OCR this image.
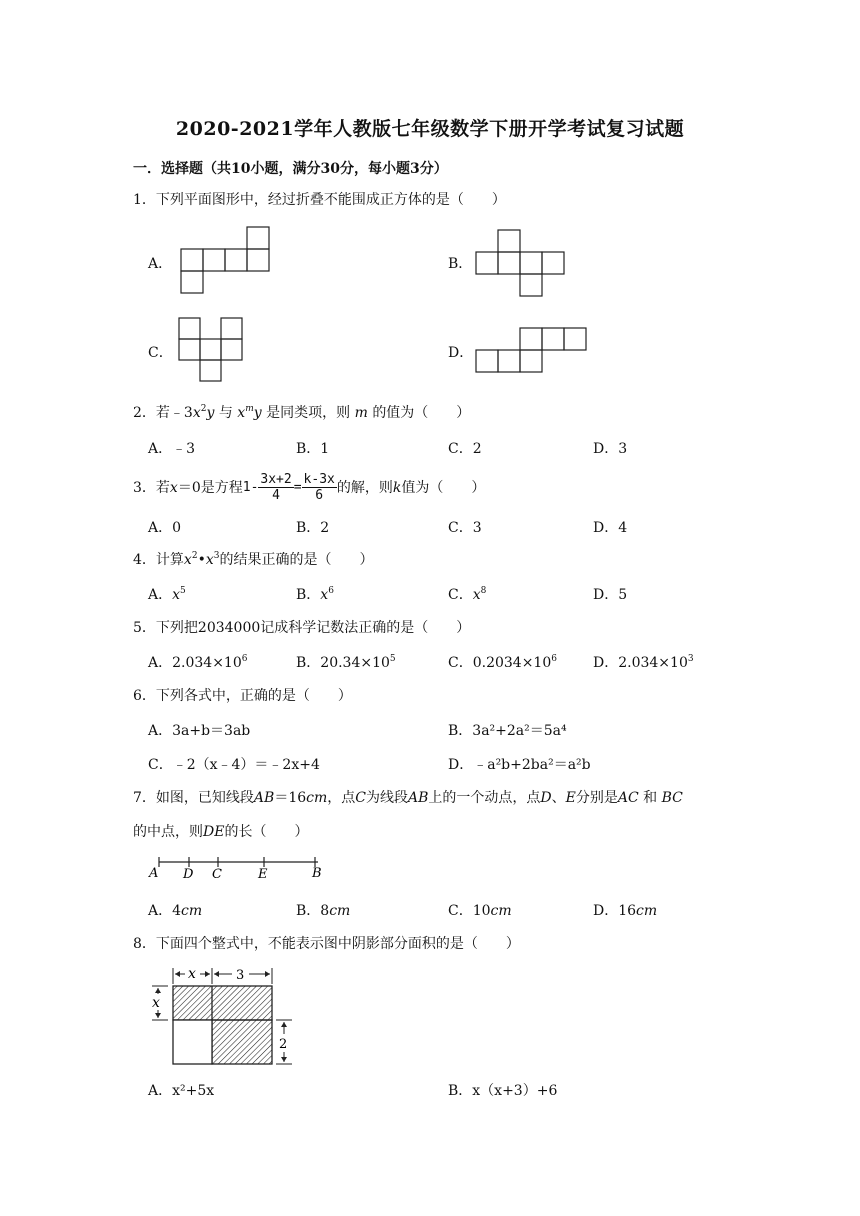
2020-2021学年人教版七年级数学下册开学考试复习试题
一．选择题（共10小题，满分30分，每小题3分）
1．下列平面图形中，经过折叠不能围成正方体的是（　　）
A．	B．
C．	D．
2．若$﹣3x^2y$ 与 $x^my$ 是同类项，则 m 的值为（　　）
A．﹣3	B．1	C．2	D．3
3．若x＝0是方程$1- \frac{3x+2}{4} = \frac{k-3x}{6}$ 的解，则k值为（　　）
A．0	B．2	C．3	D．4
4．计算$x^2•x^3$的结果正确的是（　　）
A．$x^5$	B．$x^6$	C．$x^8$	D．5
5．下列把2034000记成科学记数法正确的是（　　）
A．$2.034\times 10^6$	B．$20.34\times 10^5$	C．$0.2034\times 10^6$	D．$2.034\times 10^3$
6．下列各式中，正确的是（　　）
A．3a+b＝3ab	B．3a²+2a²＝5a⁴
C．﹣2（x﹣4）＝﹣2x+4	D．﹣a²b+2ba²＝a²b
7．如图，已知线段AB＝16cm，点C为线段AB上的一个动点，点D、E分别是AC 和 BC
的中点，则DE的长（　　）
A D C	E	B
A．4cm	B．8cm	C．10cm	D．16cm
8．下面四个整式中，不能表示图中阴影部分面积的是（　　）
x	3
x
2
A．x²+5x	B．x（x+3）+6
